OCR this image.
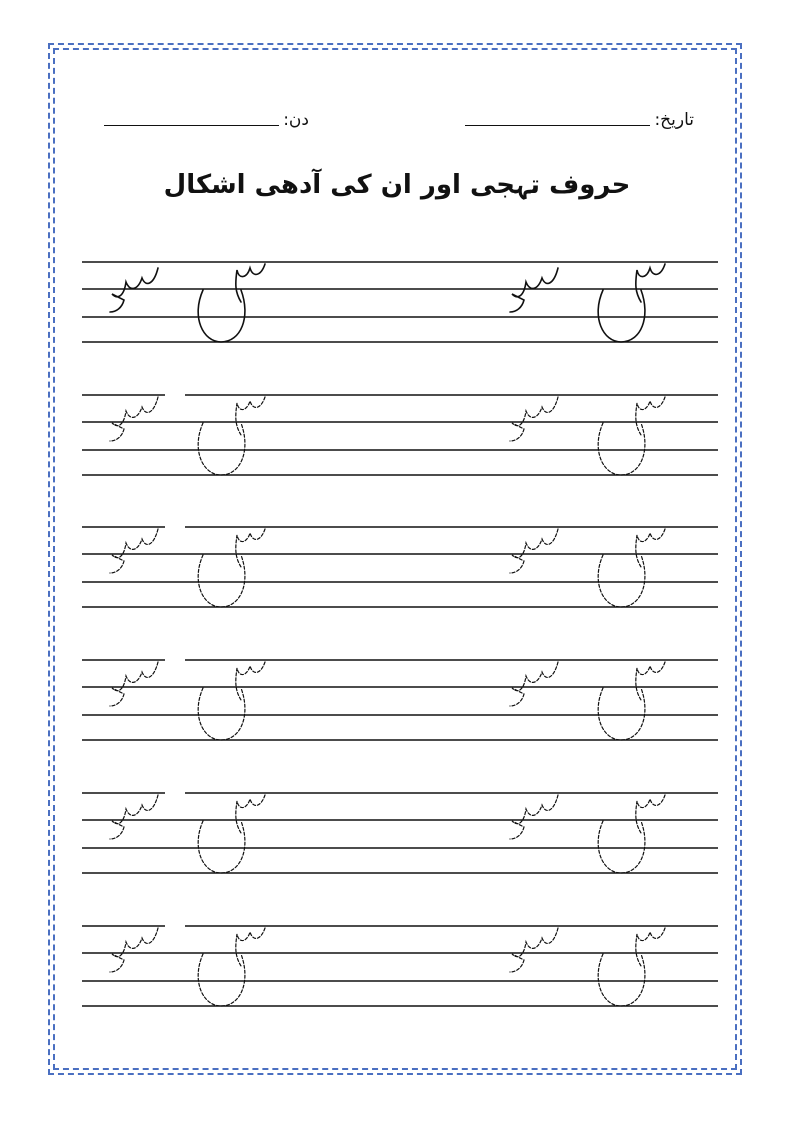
تاریخ:
دن:
حروف تہجی اور ان کی آدھی اشکال
